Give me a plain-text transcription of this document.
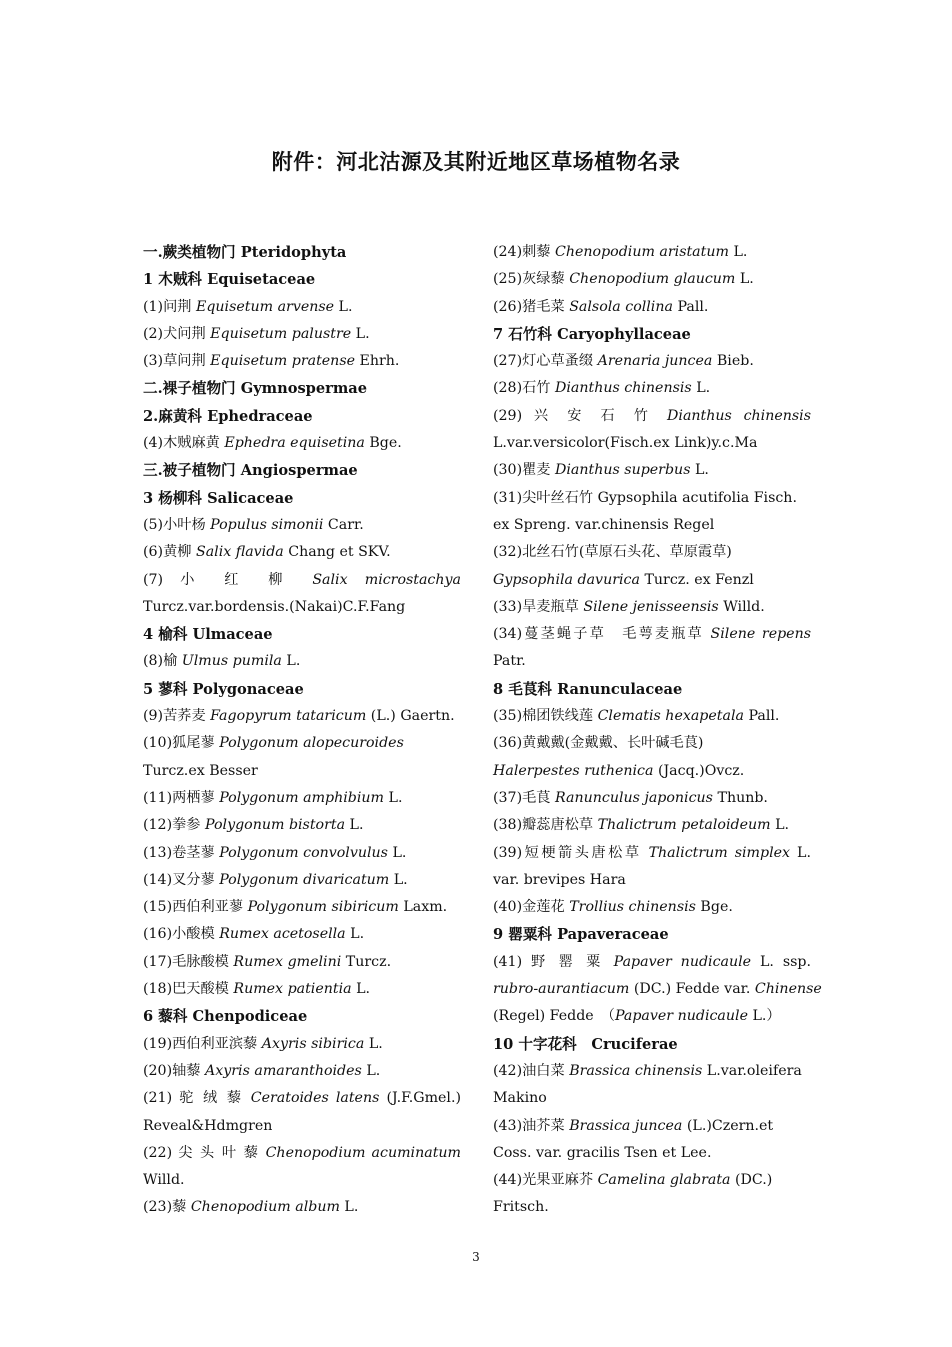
附件：河北沽源及其附近地区草场植物名录
一.蕨类植物门 Pteridophyta
1 木贼科 Equisetaceae
(1)问荆 Equisetum arvense L.
(2)犬问荆 Equisetum palustre L.
(3)草问荆 Equisetum pratense Ehrh.
二.裸子植物门 Gymnospermae
2.麻黄科 Ephedraceae
(4)木贼麻黄 Ephedra equisetina Bge.
三.被子植物门 Angiospermae
3 杨柳科 Salicaceae
(5)小叶杨 Populus simonii Carr.
(6)黄柳 Salix flavida Chang et SKV.
(7) 小 红 柳 Salix microstachya
Turcz.var.bordensis.(Nakai)C.F.Fang
4 榆科 Ulmaceae
(8)榆 Ulmus pumila L.
5 蓼科 Polygonaceae
(9)苦荞麦 Fagopyrum tataricum (L.) Gaertn.
(10)狐尾蓼 Polygonum alopecuroides
Turcz.ex Besser
(11)两栖蓼 Polygonum amphibium L.
(12)拳参 Polygonum bistorta L.
(13)卷茎蓼 Polygonum convolvulus L.
(14)叉分蓼 Polygonum divaricatum L.
(15)西伯利亚蓼 Polygonum sibiricum Laxm.
(16)小酸模 Rumex acetosella L.
(17)毛脉酸模 Rumex gmelini Turcz.
(18)巴天酸模 Rumex patientia L.
6 藜科 Chenpodiceae
(19)西伯利亚滨藜 Axyris sibirica L.
(20)轴藜 Axyris amaranthoides L.
(21) 驼 绒 藜 Ceratoides latens (J.F.Gmel.)
Reveal&Hdmgren
(22) 尖 头 叶 藜 Chenopodium acuminatum
Willd.
(23)藜 Chenopodium album L.
(24)刺藜 Chenopodium aristatum L.
(25)灰绿藜 Chenopodium glaucum L.
(26)猪毛菜 Salsola collina Pall.
7 石竹科 Caryophyllaceae
(27)灯心草蚤缀 Arenaria juncea Bieb.
(28)石竹 Dianthus chinensis L.
(29) 兴 安 石 竹 Dianthus chinensis
L.var.versicolor(Fisch.ex Link)y.c.Ma
(30)瞿麦 Dianthus superbus L.
(31)尖叶丝石竹 Gypsophila acutifolia Fisch.
ex Spreng. var.chinensis Regel
(32)北丝石竹(草原石头花、草原霞草)
Gypsophila davurica Turcz. ex Fenzl
(33)旱麦瓶草 Silene jenisseensis Willd.
(34)蔓茎蝇子草　毛萼麦瓶草 Silene repens
Patr.
8 毛茛科 Ranunculaceae
(35)棉团铁线莲 Clematis hexapetala Pall.
(36)黄戴戴(金戴戴、长叶碱毛茛)
Halerpestes ruthenica (Jacq.)Ovcz.
(37)毛茛 Ranunculus japonicus Thunb.
(38)瓣蕊唐松草 Thalictrum petaloideum L.
(39)短梗箭头唐松草 Thalictrum simplex L.
var. brevipes Hara
(40)金莲花 Trollius chinensis Bge.
9 罂粟科 Papaveraceae
(41) 野 罂 粟 Papaver nudicaule L. ssp.
rubro-aurantiacum (DC.) Fedde var. Chinense
(Regel) Fedde　（Papaver nudicaule L.）
10 十字花科　Cruciferae
(42)油白菜 Brassica chinensis L.var.oleifera
Makino
(43)油芥菜 Brassica juncea (L.)Czern.et
Coss. var. gracilis Tsen et Lee.
(44)光果亚麻芥 Camelina glabrata (DC.)
Fritsch.
3
